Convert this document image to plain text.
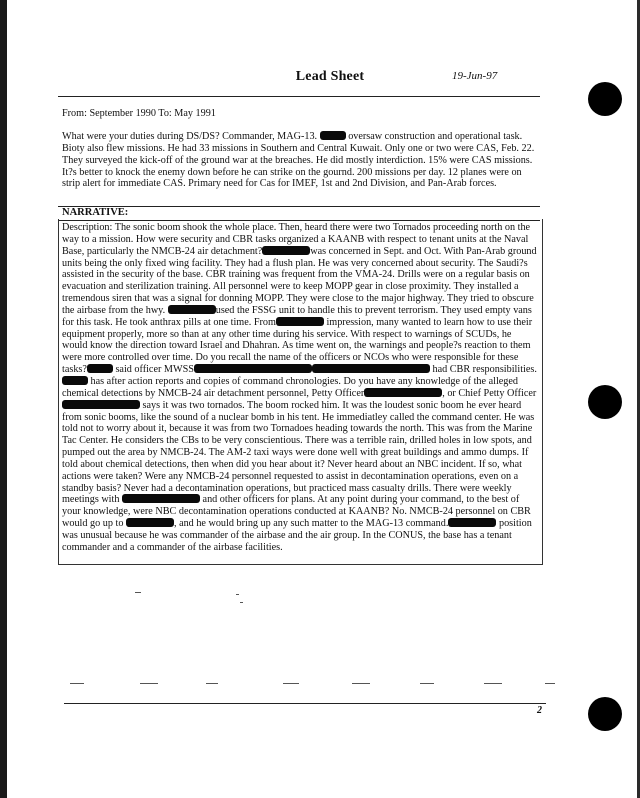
Lead Sheet	19-Jun-97
From: September 1990 To: May 1991
What were your duties during DS/DS? Commander, MAG-13.	oversaw construction and operational task. Bioty also flew missions. He had 33 missions in Southern and Central Kuwait. Only one or two were CAS, Feb. 22. They surveyed the kick-off of the ground war at the breaches. He did mostly interdiction. 15% were CAS missions. It?s better to knock the enemy down before he can strike on the gournd. 200 missions per day. 12 planes were on strip alert for immediate CAS. Primary need for Cas for IMEF, 1st and 2nd Division, and Pan-Arab forces.
NARRATIVE:
Description: The sonic boom shook the whole place. Then, heard there were two Tornados proceeding north on the way to a mission. How were security and CBR tasks organized a KAANB with respect to tenant units at the Naval Base, particularly the NMCB-24 air detachment?	was concerned in Sept. and Oct. With Pan-Arab ground units being the only fixed wing facility. They had a flush plan. He was very concerned about security. The Saudi?s assisted in the security of the base. CBR training was frequent from the VMA-24. Drills were on a regular basis on evacuation and sterilization training. All personnel were to keep MOPP gear in close proximity. They installed a tremendous siren that was a signal for donning MOPP. They were close to the major highway. They tried to obscure the airbase from the hwy.	used the FSSG unit to handle this to prevent terrorism. They used empty vans for this task. He took anthrax pills at one time. From	impression, many wanted to learn how to use their equipment properly, more so than at any other time during his service. With respect to warnings of SCUDs, he would know the direction toward Israel and Dhahran. As time went on, the warnings and people?s reaction to them were more controlled over time. Do you recall the name of the officers or NCOs who were responsible for these tasks?	said officer MWSS	had CBR responsibilities.  has after action reports and copies of command chronologies. Do you have any knowledge of the alleged chemical detections by NMCB-24 air detachment personnel, Petty Officer	, or Chief Petty Officer says it was two tornados. The boom rocked him. It was the loudest sonic boom he ever heard from sonic booms, like the sound of a nuclear bomb in his tent. He immediatley called the command center. He was told not to worry about it, because it was from two Tornadoes heading towards the north. This was from the Marine Tac Center. He considers the CBs to be very conscientious. There was a terrible rain, drilled holes in low spots, and pumped out the area by NMCB-24. The AM-2 taxi ways were done well with great buildings and ammo dumps. If told about chemical detections, then when did you hear about it? Never heard about an NBC incident. If so, what actions were taken? Were any NMCB-24 personnel requested to assist in decontamination operations, even on a standby basis? Never had a decontamination operations, but practiced mass casualty drills. There were weekly meetings with	and other officers for plans. At any point during your command, to the best of your knowledge, were NBC decontamination operations conducted at KAANB? No. NMCB-24 personnel on CBR would go up to	, and he would bring up any such matter to the MAG-13 command.	position was unusual because he was commander of the airbase and the air group. In the CONUS, the base has a tenant commander and a commander of the airbase facilities.
2
